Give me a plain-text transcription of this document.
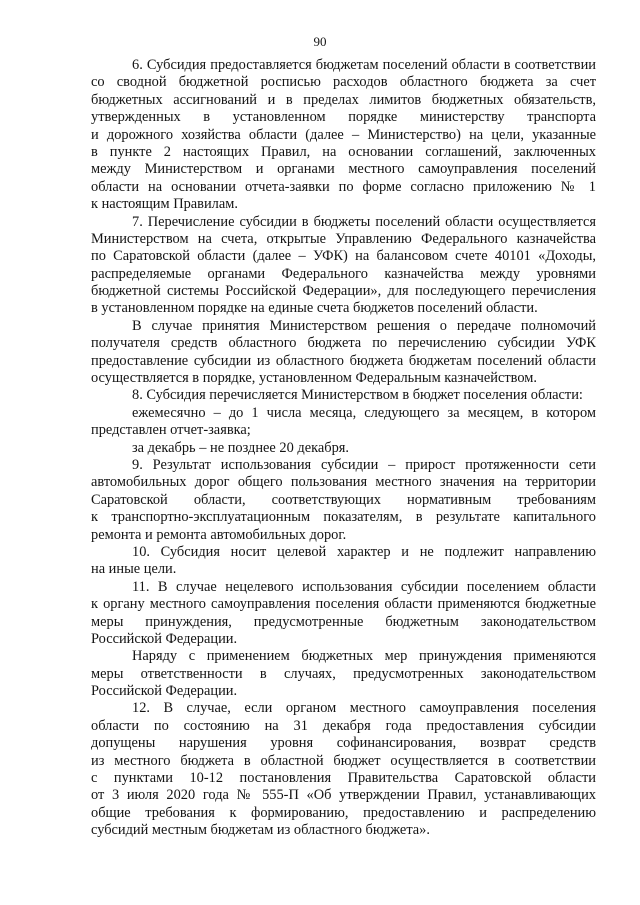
90
6. Субсидия предоставляется бюджетам поселений области в соответствии
со сводной бюджетной росписью расходов областного бюджета за счет
бюджетных ассигнований и в пределах лимитов бюджетных обязательств,
утвержденных в установленном порядке министерству транспорта
и дорожного хозяйства области (далее – Министерство) на цели, указанные
в пункте 2 настоящих Правил, на основании соглашений, заключенных
между Министерством и органами местного самоуправления поселений
области на основании отчета-заявки по форме согласно приложению № 1
к настоящим Правилам.
7. Перечисление субсидии в бюджеты поселений области осуществляется
Министерством на счета, открытые Управлению Федерального казначейства
по Саратовской области (далее – УФК) на балансовом счете 40101 «Доходы,
распределяемые органами Федерального казначейства между уровнями
бюджетной системы Российской Федерации», для последующего перечисления
в установленном порядке на единые счета бюджетов поселений области.
В случае принятия Министерством решения о передаче полномочий
получателя средств областного бюджета по перечислению субсидии УФК
предоставление субсидии из областного бюджета бюджетам поселений области
осуществляется в порядке, установленном Федеральным казначейством.
8. Субсидия перечисляется Министерством в бюджет поселения области:
ежемесячно – до 1 числа месяца, следующего за месяцем, в котором
представлен отчет-заявка;
за декабрь – не позднее 20 декабря.
9. Результат использования субсидии – прирост протяженности сети
автомобильных дорог общего пользования местного значения на территории
Саратовской области, соответствующих нормативным требованиям
к транспортно-эксплуатационным показателям, в результате капитального
ремонта и ремонта автомобильных дорог.
10. Субсидия носит целевой характер и не подлежит направлению
на иные цели.
11. В случае нецелевого использования субсидии поселением области
к органу местного самоуправления поселения области применяются бюджетные
меры принуждения, предусмотренные бюджетным законодательством
Российской Федерации.
Наряду с применением бюджетных мер принуждения применяются
меры ответственности в случаях, предусмотренных законодательством
Российской Федерации.
12. В случае, если органом местного самоуправления поселения
области по состоянию на 31 декабря года предоставления субсидии
допущены нарушения уровня софинансирования, возврат средств
из местного бюджета в областной бюджет осуществляется в соответствии
с пунктами 10-12 постановления Правительства Саратовской области
от 3 июля 2020 года № 555-П «Об утверждении Правил, устанавливающих
общие требования к формированию, предоставлению и распределению
субсидий местным бюджетам из областного бюджета».
